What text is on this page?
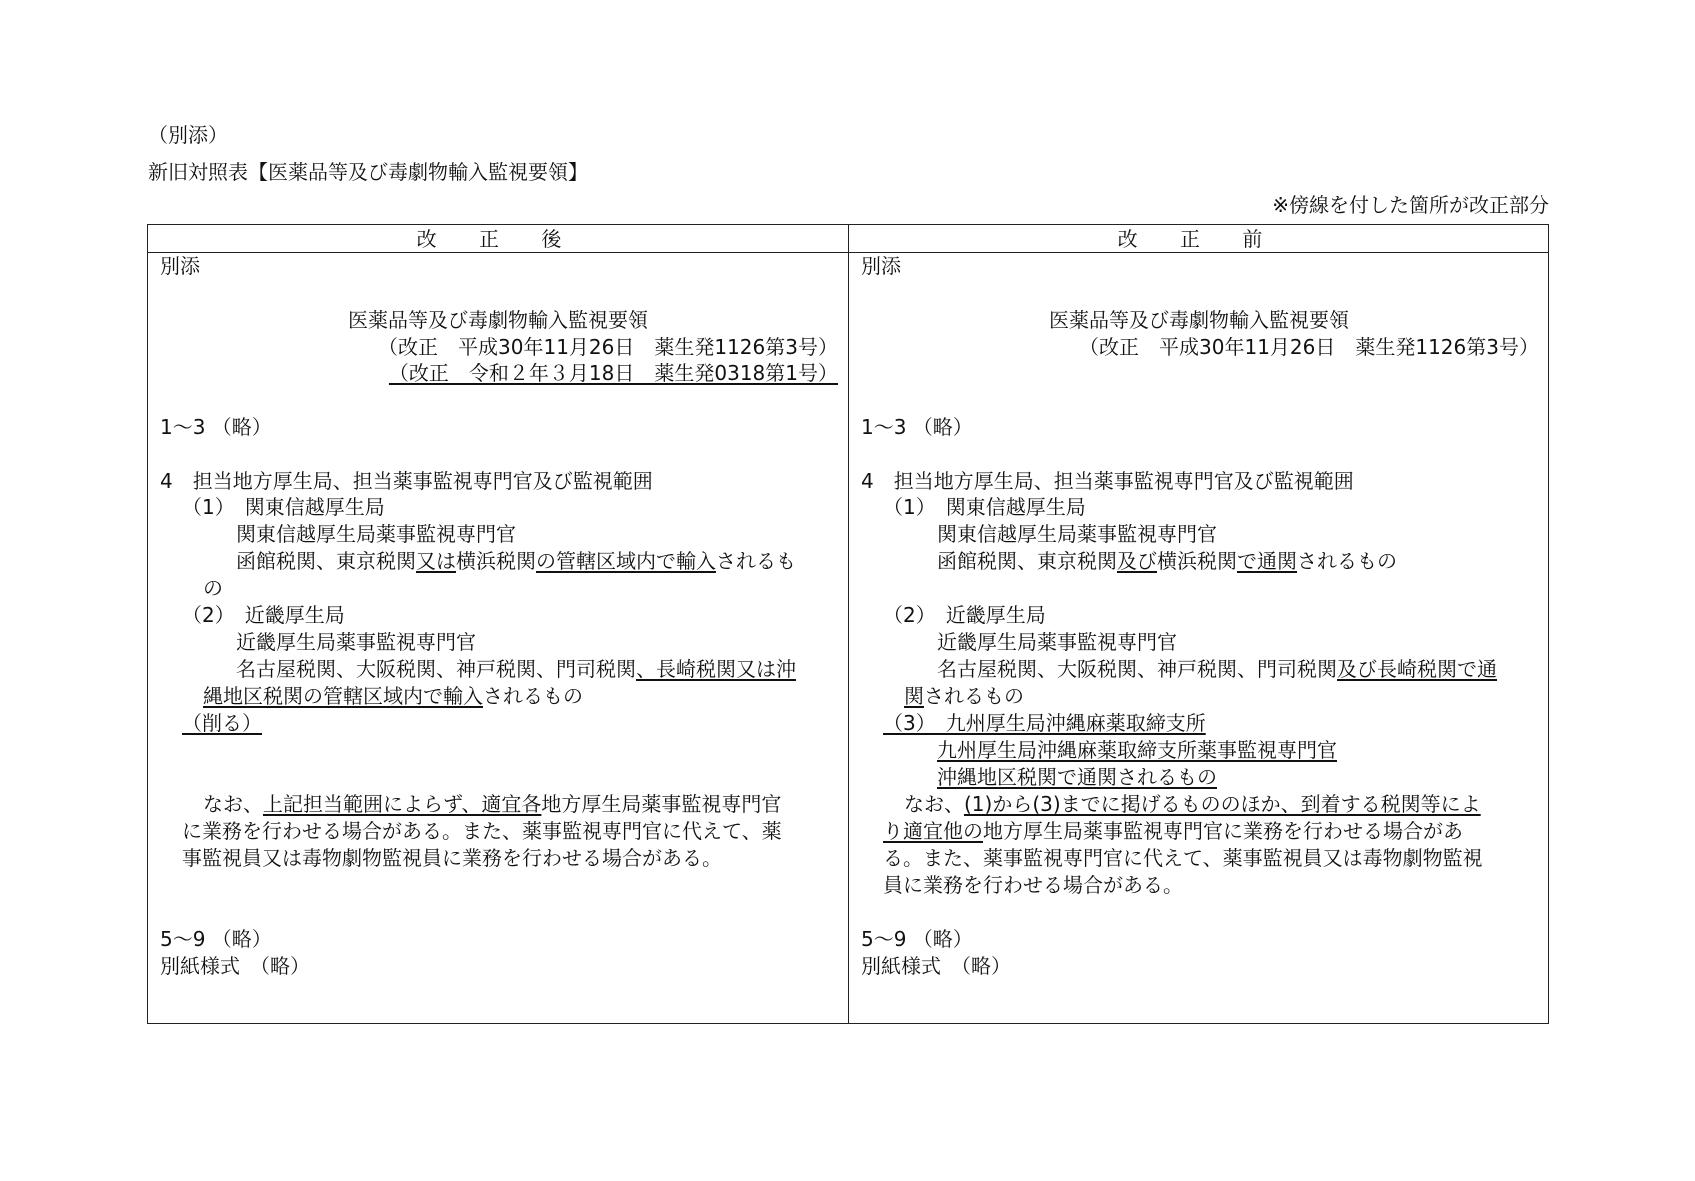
（別添）
新旧対照表【医薬品等及び毒劇物輸入監視要領】
※傍線を付した箇所が改正部分
改 正 後	改 正 前
別添
医薬品等及び毒劇物輸入監視要領
（改正　平成30年11月26日　薬生発1126第3号）
（改正　令和２年３月18日　薬生発0318第1号）
1～3 （略）
4　担当地方厚生局、担当薬事監視専門官及び監視範囲
（1）　関東信越厚生局
関東信越厚生局薬事監視専門官
函館税関、東京税関又は横浜税関の管轄区域内で輸入されるも
の
（2）　近畿厚生局
近畿厚生局薬事監視専門官
名古屋税関、大阪税関、神戸税関、門司税関、長崎税関又は沖
縄地区税関の管轄区域内で輸入されるもの
（削る）
なお、上記担当範囲によらず、適宜各地方厚生局薬事監視専門官
に業務を行わせる場合がある。また、薬事監視専門官に代えて、薬
事監視員又は毒物劇物監視員に業務を行わせる場合がある。
5～9 （略）
別紙様式　（略）
別添
医薬品等及び毒劇物輸入監視要領
（改正　平成30年11月26日　薬生発1126第3号）
1～3 （略）
4　担当地方厚生局、担当薬事監視専門官及び監視範囲
（1）　関東信越厚生局
関東信越厚生局薬事監視専門官
函館税関、東京税関及び横浜税関で通関されるもの
（2）　近畿厚生局
近畿厚生局薬事監視専門官
名古屋税関、大阪税関、神戸税関、門司税関及び長崎税関で通
関されるもの
（3）　九州厚生局沖縄麻薬取締支所
九州厚生局沖縄麻薬取締支所薬事監視専門官
沖縄地区税関で通関されるもの
なお、(1)から(3)までに掲げるもののほか、到着する税関等によ
り適宜他の地方厚生局薬事監視専門官に業務を行わせる場合があ
る。また、薬事監視専門官に代えて、薬事監視員又は毒物劇物監視
員に業務を行わせる場合がある。
5～9 （略）
別紙様式　（略）
